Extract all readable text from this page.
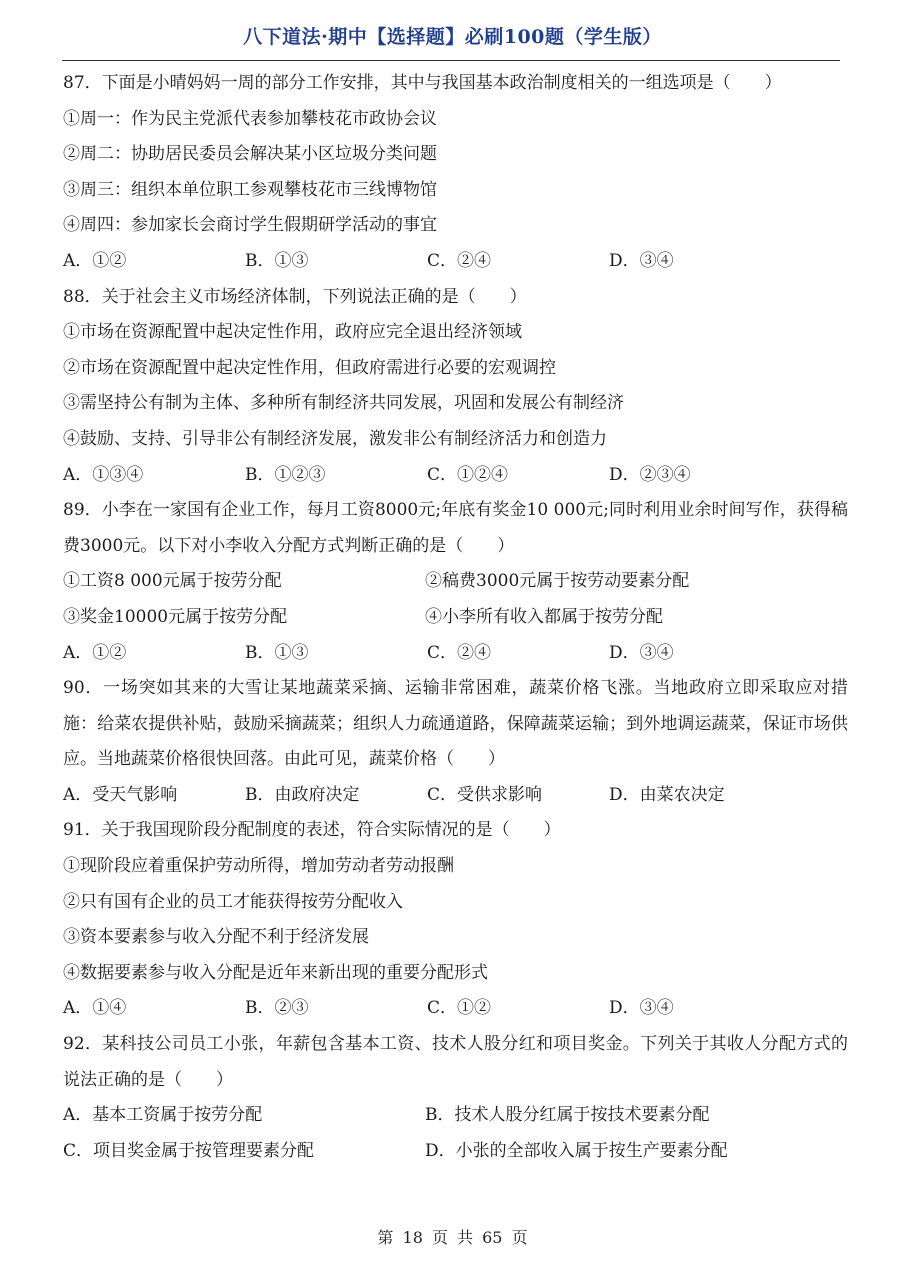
八下道法·期中【选择题】必刷100题（学生版）
87．下面是小晴妈妈一周的部分工作安排，其中与我国基本政治制度相关的一组选项是（　　）
①周一：作为民主党派代表参加攀枝花市政协会议
②周二：协助居民委员会解决某小区垃圾分类问题
③周三：组织本单位职工参观攀枝花市三线博物馆
④周四：参加家长会商讨学生假期研学活动的事宜
A．①②	B．①③	C．②④	D．③④
88．关于社会主义市场经济体制，下列说法正确的是（　　）
①市场在资源配置中起决定性作用，政府应完全退出经济领域
②市场在资源配置中起决定性作用，但政府需进行必要的宏观调控
③需坚持公有制为主体、多种所有制经济共同发展，巩固和发展公有制经济
④鼓励、支持、引导非公有制经济发展，激发非公有制经济活力和创造力
A．①③④	B．①②③	C．①②④	D．②③④
89．小李在一家国有企业工作，每月工资8000元;年底有奖金10 000元;同时利用业余时间写作，获得稿费3000元。以下对小李收入分配方式判断正确的是（　　）
①工资8 000元属于按劳分配	②稿费3000元属于按劳动要素分配
③奖金10000元属于按劳分配	④小李所有收入都属于按劳分配
A．①②	B．①③	C．②④	D．③④
90．一场突如其来的大雪让某地蔬菜采摘、运输非常困难，蔬菜价格飞涨。当地政府立即采取应对措施：给菜农提供补贴，鼓励采摘蔬菜；组织人力疏通道路，保障蔬菜运输；到外地调运蔬菜，保证市场供应。当地蔬菜价格很快回落。由此可见，蔬菜价格（　　）
A．受天气影响	B．由政府决定	C．受供求影响	D．由菜农决定
91．关于我国现阶段分配制度的表述，符合实际情况的是（　　）
①现阶段应着重保护劳动所得，增加劳动者劳动报酬
②只有国有企业的员工才能获得按劳分配收入
③资本要素参与收入分配不利于经济发展
④数据要素参与收入分配是近年来新出现的重要分配形式
A．①④	B．②③	C．①②	D．③④
92．某科技公司员工小张，年薪包含基本工资、技术人股分红和项目奖金。下列关于其收人分配方式的说法正确的是（　　）
A．基本工资属于按劳分配	B．技术人股分红属于按技术要素分配
C．项目奖金属于按管理要素分配	D．小张的全部收入属于按生产要素分配
第 18 页 共 65 页
